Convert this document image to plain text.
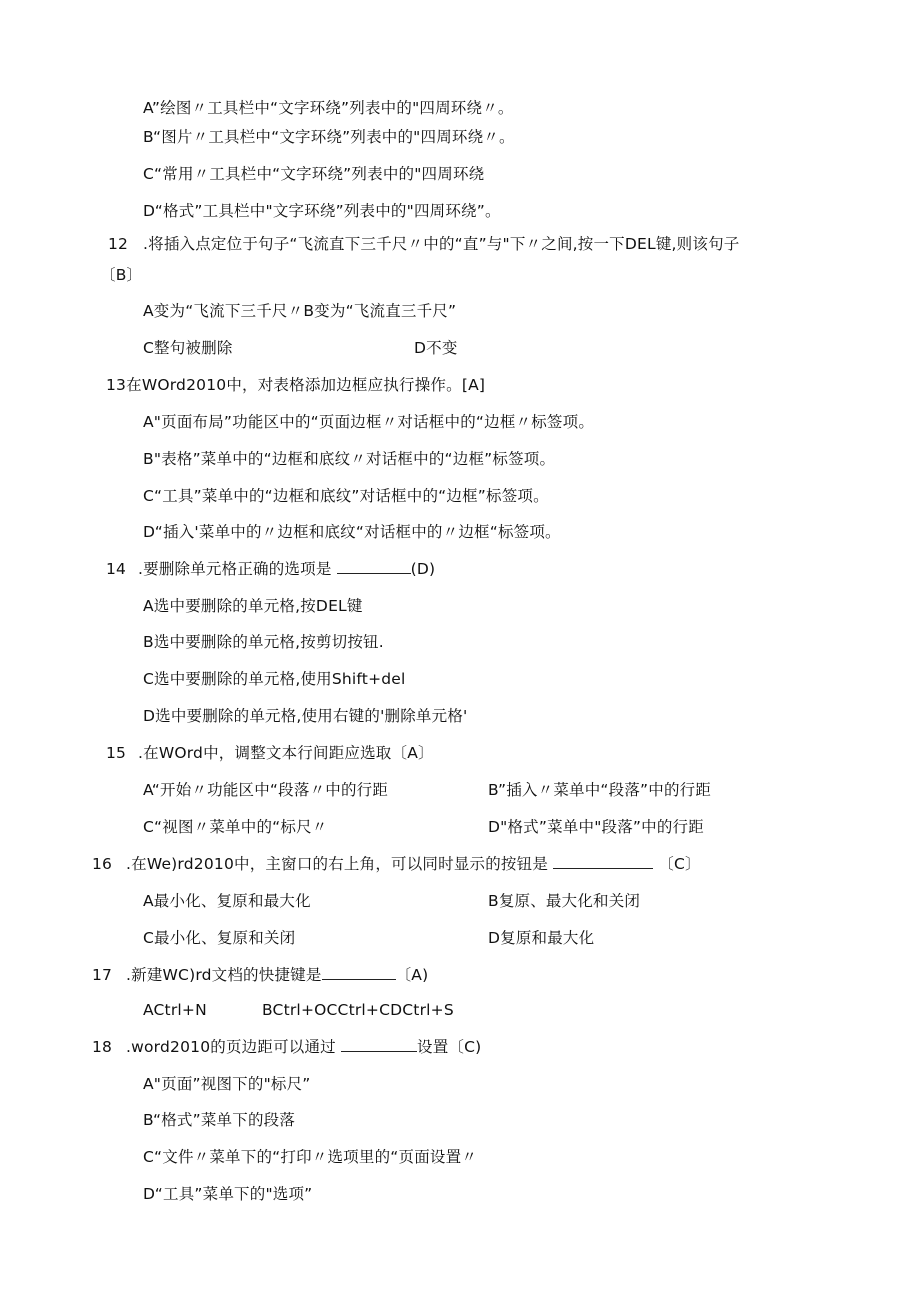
A”绘图〃工具栏中“文字环绕”列表中的"四周环绕〃。
B“图片〃工具栏中“文字环绕”列表中的"四周环绕〃。
C“常用〃工具栏中“文字环绕”列表中的"四周环绕
D“格式”工具栏中"文字环绕”列表中的"四周环绕”。
12 .将插入点定位于句子“飞流直下三千尺〃中的“直”与"下〃之间,按一下DEL键,则该句子
〔B〕
A变为“飞流下三千尺〃B变为“飞流直三千尺”
C整句被删除	D不变
13在WOrd2010中，对表格添加边框应执行操作。[A]
A"页面布局”功能区中的“页面边框〃对话框中的“边框〃标签项。
B"表格”菜单中的“边框和底纹〃对话框中的“边框”标签项。
C“工具”菜单中的“边框和底纹”对话框中的“边框”标签项。
D“插入'菜单中的〃边框和底纹“对话框中的〃边框“标签项。
14 .要删除单元格正确的选项是	(D)
A选中要删除的单元格,按DEL键
B选中要删除的单元格,按剪切按钮.
C选中要删除的单元格,使用Shift+del
D选中要删除的单元格,使用右键的'删除单元格'
15 .在WOrd中，调整文本行间距应选取〔A〕
A“开始〃功能区中“段落〃中的行距	B”插入〃菜单中“段落”中的行距
C“视图〃菜单中的“标尺〃	D"格式”菜单中"段落”中的行距
16 .在We)rd2010中，主窗口的右上角，可以同时显示的按钮是	〔C〕
A最小化、复原和最大化	B复原、最大化和关闭
C最小化、复原和关闭	D复原和最大化
17 .新建WC)rd文档的快捷键是	〔A)
ACtrl+N	BCtrl+OCCtrl+CDCtrl+S
18 .word2010的页边距可以通过	设置〔C)
A"页面”视图下的"标尺”
B“格式”菜单下的段落
C“文件〃菜单下的“打印〃选项里的“页面设置〃
D“工具”菜单下的"选项”
